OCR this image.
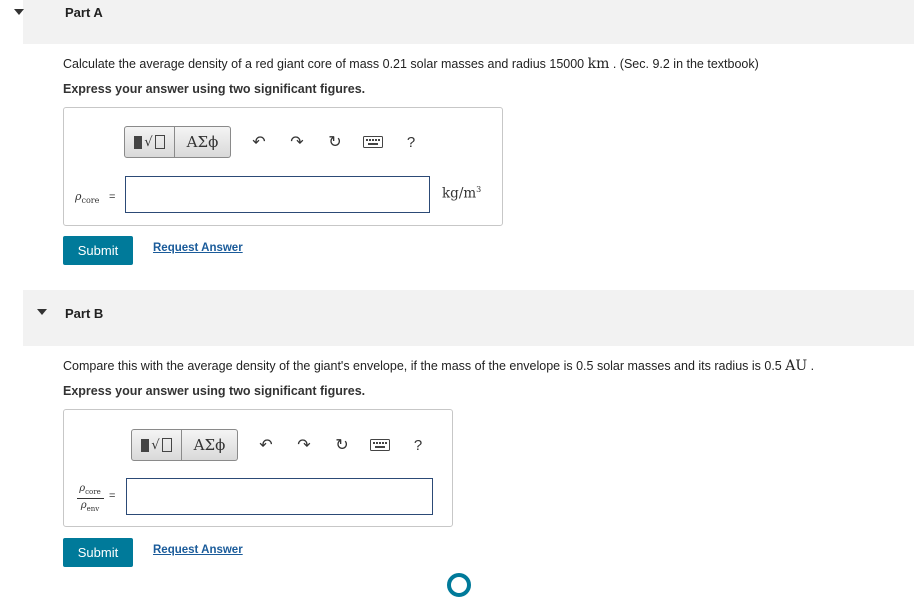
Part A
Calculate the average density of a red giant core of mass 0.21 solar masses and radius 15000 km . (Sec. 9.2 in the textbook)
Express your answer using two significant figures.
√	ΑΣϕ	↶	↷	↻	?
$\rho_{core}$ =	$kg/m^3$
Submit	Request Answer
Part B
Compare this with the average density of the giant's envelope, if the mass of the envelope is 0.5 solar masses and its radius is 0.5 AU .
Express your answer using two significant figures.
√	ΑΣϕ	↶	↷	↻	?
$\rho_{core}$
$\rho_{env}$
=
Submit	Request Answer
